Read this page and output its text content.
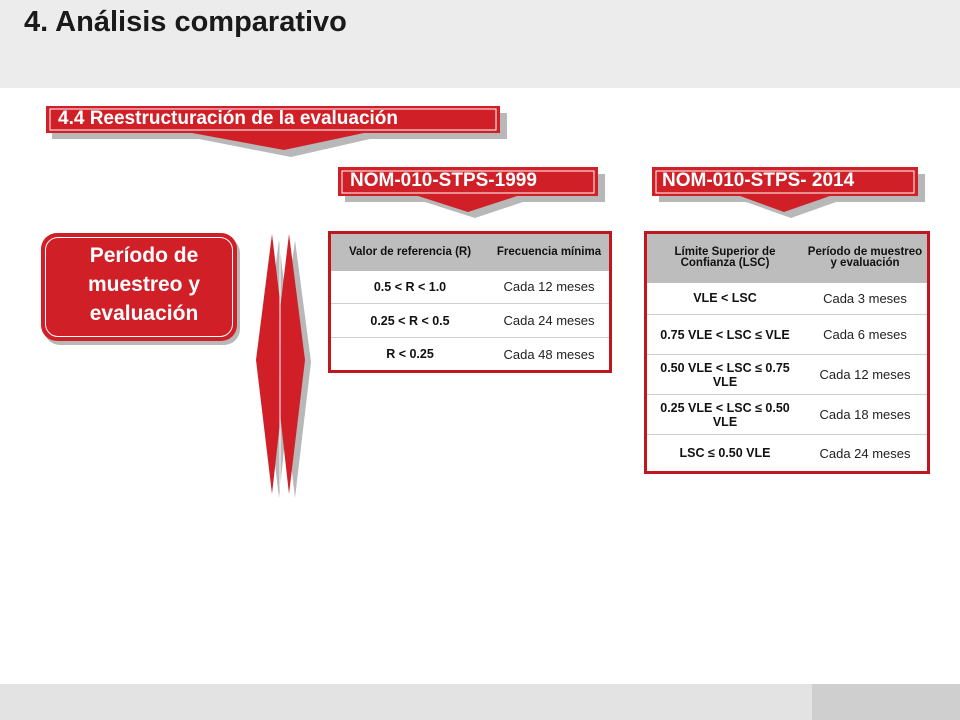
4. Análisis comparativo
4.4 Reestructuración de la evaluación
NOM-010-STPS-1999	NOM-010-STPS- 2014
Período de muestreo y evaluación
Valor de referencia (R)	Frecuencia mínima
0.5 < R < 1.0	Cada 12 meses
0.25 < R < 0.5	Cada 24 meses
R < 0.25	Cada 48 meses
Límite Superior de Confianza (LSC)	Período de muestreo y evaluación
VLE < LSC	Cada 3 meses
0.75 VLE < LSC ≤ VLE	Cada 6 meses
0.50 VLE < LSC ≤ 0.75 VLE	Cada 12 meses
0.25 VLE < LSC ≤ 0.50 VLE	Cada 18 meses
LSC ≤ 0.50 VLE	Cada 24 meses
